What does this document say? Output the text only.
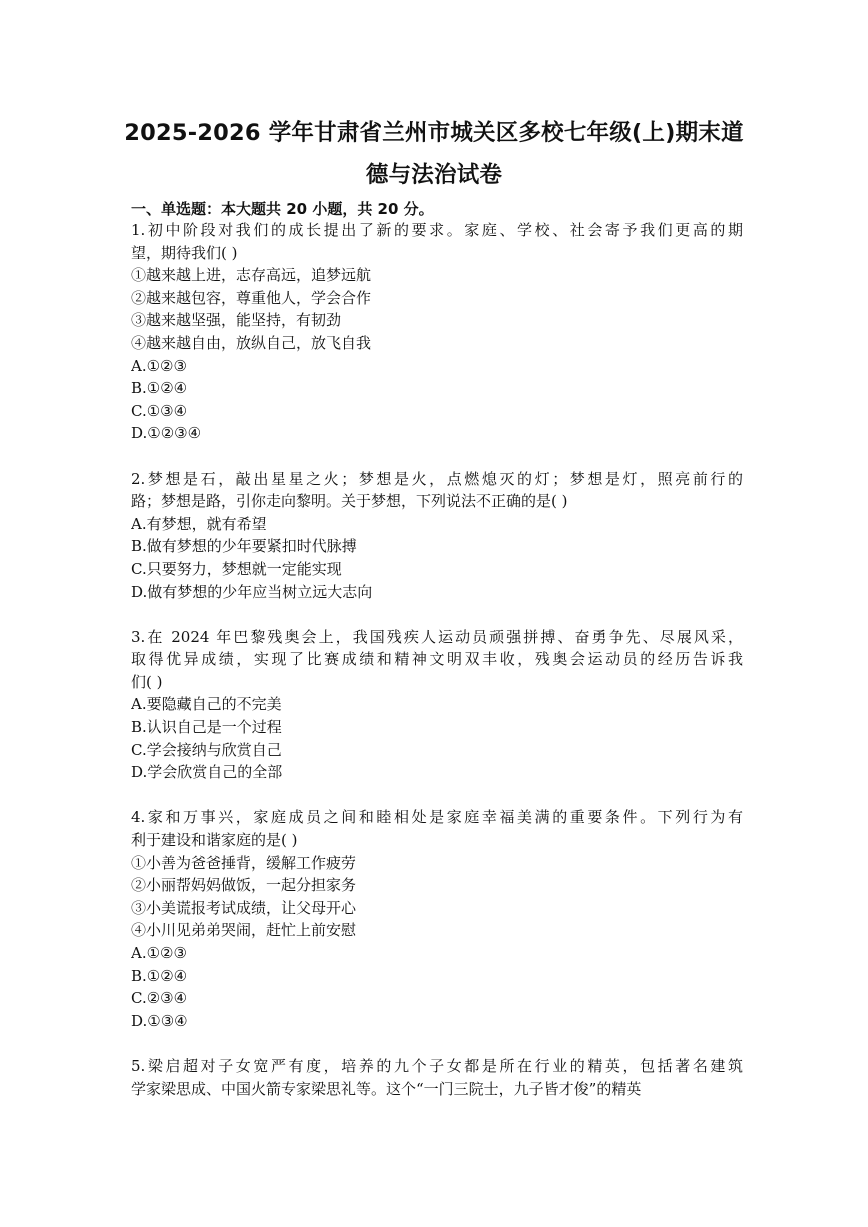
2025-2026 学年甘肃省兰州市城关区多校七年级(上)期末道
德与法治试卷
一、单选题：本大题共 20 小题，共 20 分。
1.初中阶段对我们的成长提出了新的要求。家庭、学校、社会寄予我们更高的期
望，期待我们( )
①越来越上进，志存高远，追梦远航
②越来越包容，尊重他人，学会合作
③越来越坚强，能坚持，有韧劲
④越来越自由，放纵自己，放飞自我
A.①②③
B.①②④
C.①③④
D.①②③④
2.梦想是石，敲出星星之火；梦想是火，点燃熄灭的灯；梦想是灯，照亮前行的
路；梦想是路，引你走向黎明。关于梦想，下列说法不正确的是( )
A.有梦想，就有希望
B.做有梦想的少年要紧扣时代脉搏
C.只要努力，梦想就一定能实现
D.做有梦想的少年应当树立远大志向
3.在 2024 年巴黎残奥会上，我国残疾人运动员顽强拼搏、奋勇争先、尽展风采，
取得优异成绩，实现了比赛成绩和精神文明双丰收，残奥会运动员的经历告诉我
们( )
A.要隐藏自己的不完美
B.认识自己是一个过程
C.学会接纳与欣赏自己
D.学会欣赏自己的全部
4.家和万事兴，家庭成员之间和睦相处是家庭幸福美满的重要条件。下列行为有
利于建设和谐家庭的是( )
①小善为爸爸捶背，缓解工作疲劳
②小丽帮妈妈做饭，一起分担家务
③小美谎报考试成绩，让父母开心
④小川见弟弟哭闹，赶忙上前安慰
A.①②③
B.①②④
C.②③④
D.①③④
5.梁启超对子女宽严有度，培养的九个子女都是所在行业的精英，包括著名建筑
学家梁思成、中国火箭专家梁思礼等。这个“一门三院士，九子皆才俊”的精英
